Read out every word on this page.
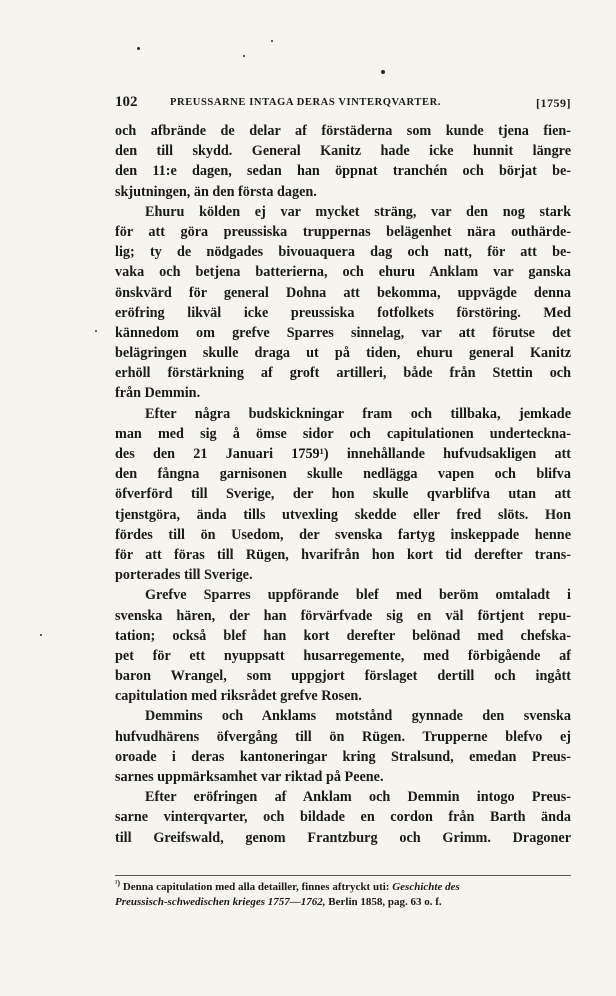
102	PREUSSARNE INTAGA DERAS VINTERQVARTER.	[1759]
och afbrände de delar af förstäderna som kunde tjena fien-
den till skydd. General Kanitz hade icke hunnit längre
den 11:e dagen, sedan han öppnat tranchén och börjat be-
skjutningen, än den första dagen.
Ehuru kölden ej var mycket sträng, var den nog stark
för att göra preussiska truppernas belägenhet nära outhärde-
lig; ty de nödgades bivouaquera dag och natt, för att be-
vaka och betjena batterierna, och ehuru Anklam var ganska
önskvärd för general Dohna att bekomma, uppvägde denna
eröfring likväl icke preussiska fotfolkets förstöring. Med
kännedom om grefve Sparres sinnelag, var att förutse det
belägringen skulle draga ut på tiden, ehuru general Kanitz
erhöll förstärkning af groft artilleri, både från Stettin och
från Demmin.
Efter några budskickningar fram och tillbaka, jemkade
man med sig å ömse sidor och capitulationen underteckna-
des den 21 Januari 1759¹) innehållande hufvudsakligen att
den fångna garnisonen skulle nedlägga vapen och blifva
öfverförd till Sverige, der hon skulle qvarblifva utan att
tjenstgöra, ända tills utvexling skedde eller fred slöts. Hon
fördes till ön Usedom, der svenska fartyg inskeppade henne
för att föras till Rügen, hvarifrån hon kort tid derefter trans-
porterades till Sverige.
Grefve Sparres uppförande blef med beröm omtaladt i
svenska hären, der han förvärfvade sig en väl förtjent repu-
tation; också blef han kort derefter belönad med chefska-
pet för ett nyuppsatt husarregemente, med förbigående af
baron Wrangel, som uppgjort förslaget dertill och ingått
capitulation med riksrådet grefve Rosen.
Demmins och Anklams motstånd gynnade den svenska
hufvudhärens öfvergång till ön Rügen. Trupperne blefvo ej
oroade i deras kantoneringar kring Stralsund, emedan Preus-
sarnes uppmärksamhet var riktad på Peene.
Efter eröfringen af Anklam och Demmin intogo Preus-
sarne vinterqvarter, och bildade en cordon från Barth ända
till Greifswald, genom Frantzburg och Grimm. Dragoner
$^{^1)}$ Denna capitulation med alla detailler, finnes aftryckt uti: Geschichte des
Preussisch-schwedischen krieges 1757—1762, Berlin 1858, pag. 63 o. f.
